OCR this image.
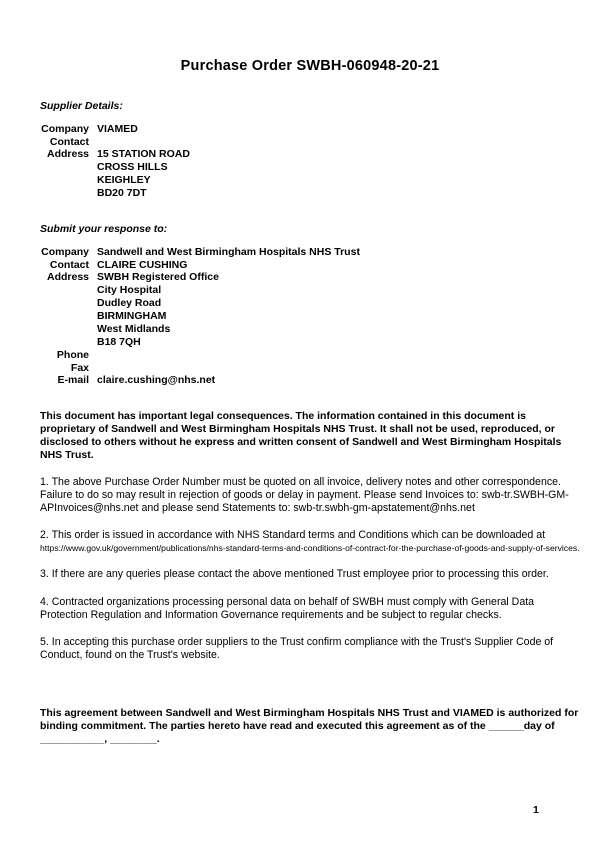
Purchase Order SWBH-060948-20-21
Supplier Details:
Company VIAMED
Contact
Address 15 STATION ROAD
CROSS HILLS
KEIGHLEY
BD20 7DT
Submit your response to:
Company Sandwell and West Birmingham Hospitals NHS Trust
Contact CLAIRE CUSHING
Address SWBH Registered Office
City Hospital
Dudley Road
BIRMINGHAM
West Midlands
B18 7QH
Phone
Fax
E-mail claire.cushing@nhs.net
This document has important legal consequences. The information contained in this document is proprietary of Sandwell and West Birmingham Hospitals NHS Trust. It shall not be used, reproduced, or disclosed to others without he express and written consent of Sandwell and West Birmingham Hospitals NHS Trust.
1. The above Purchase Order Number must be quoted on all invoice, delivery notes and other correspondence. Failure to do so may result in rejection of goods or delay in payment. Please send Invoices to: swb-tr.SWBH-GM-APInvoices@nhs.net and please send Statements to: swb-tr.swbh-gm-apstatement@nhs.net
2. This order is issued in accordance with NHS Standard terms and Conditions which can be downloaded at
https://www.gov.uk/government/publications/nhs-standard-terms-and-conditions-of-contract-for-the-purchase-of-goods-and-supply-of-services.
3. If there are any queries please contact the above mentioned Trust employee prior to processing this order.
4. Contracted organizations processing personal data on behalf of SWBH must comply with General Data Protection Regulation and Information Governance requirements and be subject to regular checks.
5. In accepting this purchase order suppliers to the Trust confirm compliance with the Trust's Supplier Code of Conduct, found on the Trust's website.
This agreement between Sandwell and West Birmingham Hospitals NHS Trust and VIAMED is authorized for binding commitment. The parties hereto have read and executed this agreement as of the ______day of ___________, ________.
1
